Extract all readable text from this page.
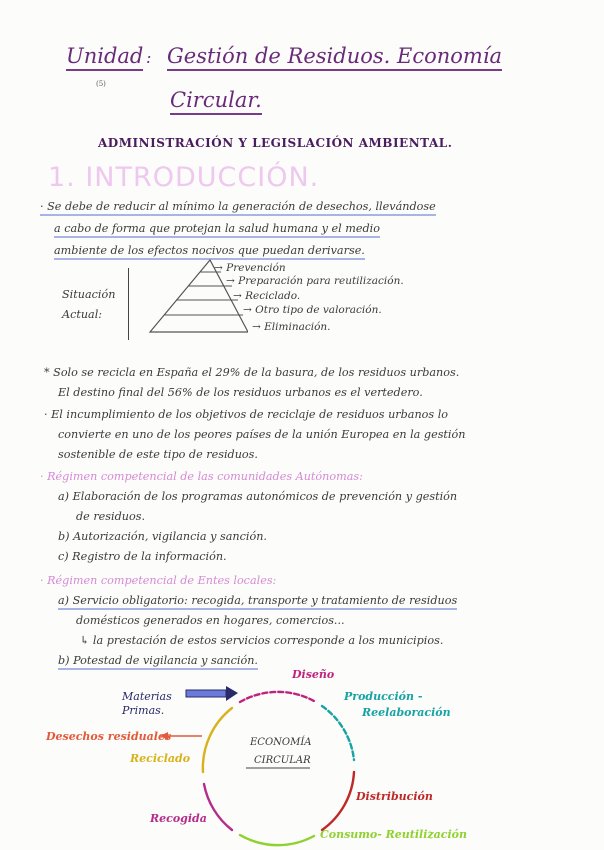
Unidad : Gestión de Residuos. Economía
(5)
Circular.
ADMINISTRACIÓN Y LEGISLACIÓN AMBIENTAL.
1. INTRODUCCIÓN.
· Se debe de reducir al mínimo la generación de desechos, llevándose
a cabo de forma que protejan la salud humana y el medio
ambiente de los efectos nocivos que puedan derivarse.
Situación
Actual:
→ Prevención
→ Preparación para reutilización.
→ Reciclado.
→ Otro tipo de valoración.
→ Eliminación.
* Solo se recicla en España el 29% de la basura, de los residuos urbanos.
El destino final del 56% de los residuos urbanos es el vertedero.
· El incumplimiento de los objetivos de reciclaje de residuos urbanos lo
convierte en uno de los peores países de la unión Europea en la gestión
sostenible de este tipo de residuos.
· Régimen competencial de las comunidades Autónomas:
a) Elaboración de los programas autonómicos de prevención y gestión
de residuos.
b) Autorización, vigilancia y sanción.
c) Registro de la información.
· Régimen competencial de Entes locales:
a) Servicio obligatorio: recogida, transporte y tratamiento de residuos
domésticos generados en hogares, comercios...
↳ la prestación de estos servicios corresponde a los municipios.
b) Potestad de vigilancia y sanción.
ECONOMÍA
CIRCULAR
Materias
Primas.
Diseño
Producción -
Reelaboración
Distribución
Consumo- Reutilización
Recogida
Reciclado
Desechos residuales
